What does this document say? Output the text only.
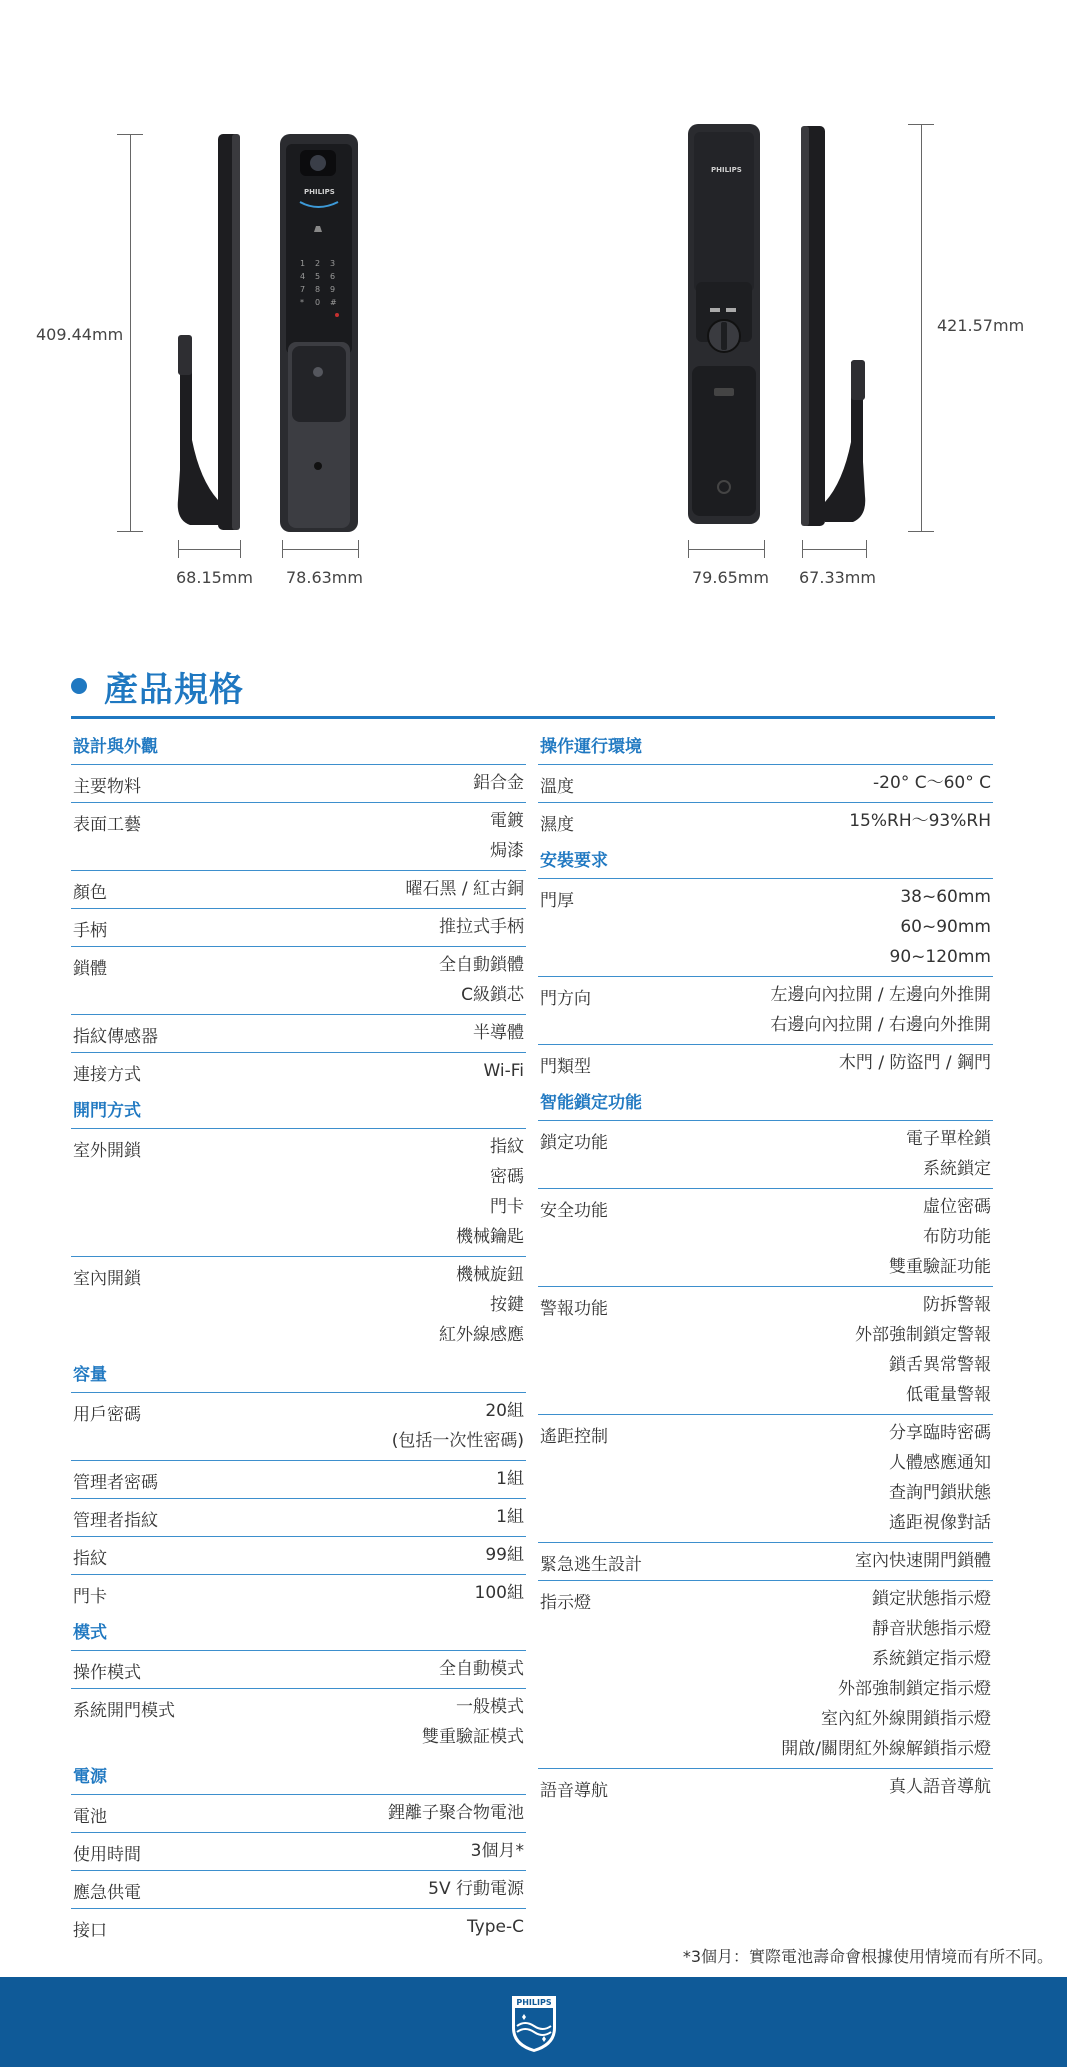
409.44mm
1 2 3
4 5 6
7 8 9
* 0 #
PHILIPS
68.15mm 78.63mm
PHILIPS
421.57mm
79.65mm 67.33mm
產品規格
設計與外觀
主要物料	鋁合金
表面工藝	電鍍
焗漆
顏色	曜石黑 / 紅古銅
手柄	推拉式手柄
鎖體	全自動鎖體
C級鎖芯
指紋傳感器	半導體
連接方式	Wi-Fi
開門方式
室外開鎖	指紋
密碼
門卡
機械鑰匙
室內開鎖	機械旋鈕
按鍵
紅外線感應
容量
用戶密碼	20組
(包括一次性密碼)
管理者密碼	1組
管理者指紋	1組
指紋	99組
門卡	100組
模式
操作模式	全自動模式
系統開門模式	一般模式
雙重驗証模式
電源
電池	鋰離子聚合物電池
使用時間	3個月*
應急供電	5V 行動電源
接口	Type-C
操作運行環境
溫度	-20° C～60° C
濕度	15%RH～93%RH
安裝要求
門厚	38~60mm
60~90mm
90~120mm
門方向	左邊向內拉開 / 左邊向外推開
右邊向內拉開 / 右邊向外推開
門類型	木門 / 防盜門 / 鋼門
智能鎖定功能
鎖定功能	電子單栓鎖
系統鎖定
安全功能	虛位密碼
布防功能
雙重驗証功能
警報功能	防拆警報
外部強制鎖定警報
鎖舌異常警報
低電量警報
遙距控制	分享臨時密碼
人體感應通知
查詢門鎖狀態
遙距視像對話
緊急逃生設計	室內快速開門鎖體
指示燈	鎖定狀態指示燈
靜音狀態指示燈
系統鎖定指示燈
外部強制鎖定指示燈
室內紅外線開鎖指示燈
開啟/關閉紅外線解鎖指示燈
語音導航	真人語音導航
*3個月：實際電池壽命會根據使用情境而有所不同。
PHILIPS
